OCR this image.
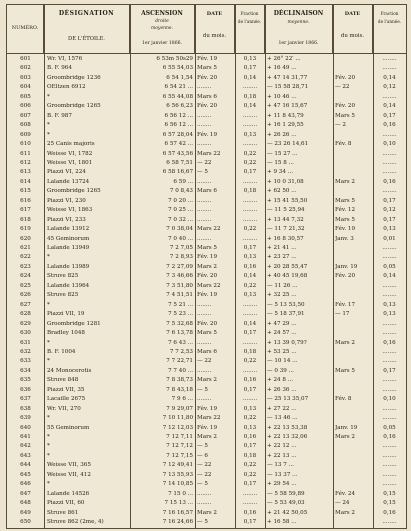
NUMÉRO.
DÉSIGNATION
DE L'ÉTOILE.
ASCENSION
droite
moyenne.
1er janvier 1866.
DATE
du mois.
Fraction
de l'année.
DÉCLINAISON
moyenne.
1er janvier 1866.
DATE
du mois.
Fraction
de l'année.
601	Wr. VI, 1576	6 53m 50s29 Fév. 19	0,13	+ 26° 22′ ...	........
602	B. F. 964	6 55 54,03 Mars 5	0,17	+ 16 49 ...	........
603	Groombridge 1236	6 54 1,54 Fév. 20	0,14	+ 47 14 31,77	Fév. 20	0,14
604	OEltzen 6912	6 54 21 ... ........	........	— 15 58 28,71	— 22	0,12
605	*	6 55 44,08 Mars 6	0,18	+ 10 46 ...	........
606	Groombridge 1265	6 56 6,23 Fév. 20	0,14	+ 47 16 15,67	Fév. 20	0,14
607	B. F. 987	6 56 12 ... ........	........	+ 11 8 43,79	Mars 5	0,17
608	*	6 56 12 ... ........	........	+ 16 1 29,55	— 2	0,16
609	*	6 57 28,04 Fév. 19	0,13	+ 26 26 ...	........
610	25 Canis majoris	6 57 42 ... ........	........	— 23 26 14,61	Fév. 8	0,10
611	Weisse VI, 1782	6 57 43,56 Mars 22	0,22	— 15 27 ...	........
612	Weisse VI, 1801	6 58 7,51 — 22	0,22	— 15 8 ...	........
613	Piazzi VI, 224	6 58 16,67 — 5	0,17	+ 9 34 ...	........
614	Lalande 13724	6 59 ... ........	........	+ 10 0 31,08	Mars 2	0,16
615	Groombridge 1265	7 0 8,43 Mars 6	0,18	+ 62 50 ...	........
616	Piazzi VI, 230	7 0 20 ... ........	........	+ 15 41 55,50	Mars 5	0,17
617	Weisse VI, 1863	7 0 25 ... ........	........	— 11 5 25,94	Fév. 12	0,12
618	Piazzi VI, 233	7 0 32 ... ........	........	+ 13 44 7,32	Mars 5	0,17
619	Lalande 13912	7 0 38,04 Mars 22	0,22	— 11 7 21,32	Fév. 19	0,13
620	45 Geminorum	7 0 40 ... ........	........	+ 16 8 30,57	Janv. 3	0,01
621	Lalande 13949	7 2 7,05 Mars 5	0,17	+ 21 41 ...	........
622	*	7 2 8,93 Fév. 19	0,13	+ 23 27 ...	........
623	Lalande 13989	7 2 27,09 Mars 2	0,16	+ 20 28 55,47	Janv. 19	0,05
624	Struve 825	7 3 46,66 Fév. 20	0,14	+ 40 45 19,68	Fév. 20	0,14
625	Lalande 13964	7 3 51,80 Mars 22	0,22	— 11 26 ...	........
626	Struve 825	7 4 51,51 Fév. 19	0,13	+ 32 25 ...	........
627	*	7 5 21 ... ........	........	— 5 13 53,50	Fév. 17	0,13
628	Piazzi VII, 19	7 5 23 ... ........	........	— 5 18 37,91	— 17	0,13
629	Groombridge 1281	7 5 32,68 Fév. 20	0,14	+ 47 29 ...	........
630	Bradley 1048	7 6 13,78 Mars 5	0,17	+ 24 57 ...	........
631	*	7 6 43 ... ........	........	+ 13 39 0,79?	Mars 2	0,16
632	B. F. 1004	7 7 2,53 Mars 6	0,18	+ 53 25 ...	........
633	*	7 7 22,71 — 22	0,22	— 10 14 ...	........
634	24 Monocerotis	7 7 40 ... ........	........	— 0 39 ...	Mars 5	0,17
635	Struve 848	7 8 38,73 Mars 2	0,16	+ 24 8 ...	........
636	Piazzi VII, 35	7 8 43,18 — 5	0,17	+ 26 36 ...	........
637	Lacaille 2675	7 9 6 ... ........	........	— 25 13 35,07	Fév. 8	0,10
638	Wr. VII, 270	7 9 29,07 Fév. 19	0,13	+ 27 22 ...	........
639	*	7 10 11,80 Mars 22	0,22	— 13 46 ...	........
640	55 Geminorum	7 12 12,03 Fév. 19	0,13	+ 22 13 53,38	Janv. 19	0,05
641	*	7 12 7,11 Mars 2	0,16	+ 22 13 32,06	Mars 2	0,16
642	*	7 12 7,12 — 5	0,17	+ 22 12 ...	........
643	*	7 12 7,15 — 6	0,18	+ 22 13 ...	........
644	Weisse VII, 365	7 12 49,41 — 22	0,22	— 13 7 ...	........
645	Weisse VII, 412	7 13 55,93 — 22	0,22	— 13 37 ...	........
646	*	7 14 10,85 — 5	0,17	+ 29 54 ...	........
647	Lalande 14526	7 15 0 ... ........	........	— 5 58 59,89	Fév. 24	0,15
648	Piazzi VII, 60	7 15 13 ... ........	........	— 5 53 49,03	— 24	0,15
649	Struve 861	7 16 16,57 Mars 2	0,16	+ 21 42 50,05	Mars 2	0,16
650	Struve 862 (2me, 4)	7 16 24,66 — 5	0,17	+ 16 58 ...	........
